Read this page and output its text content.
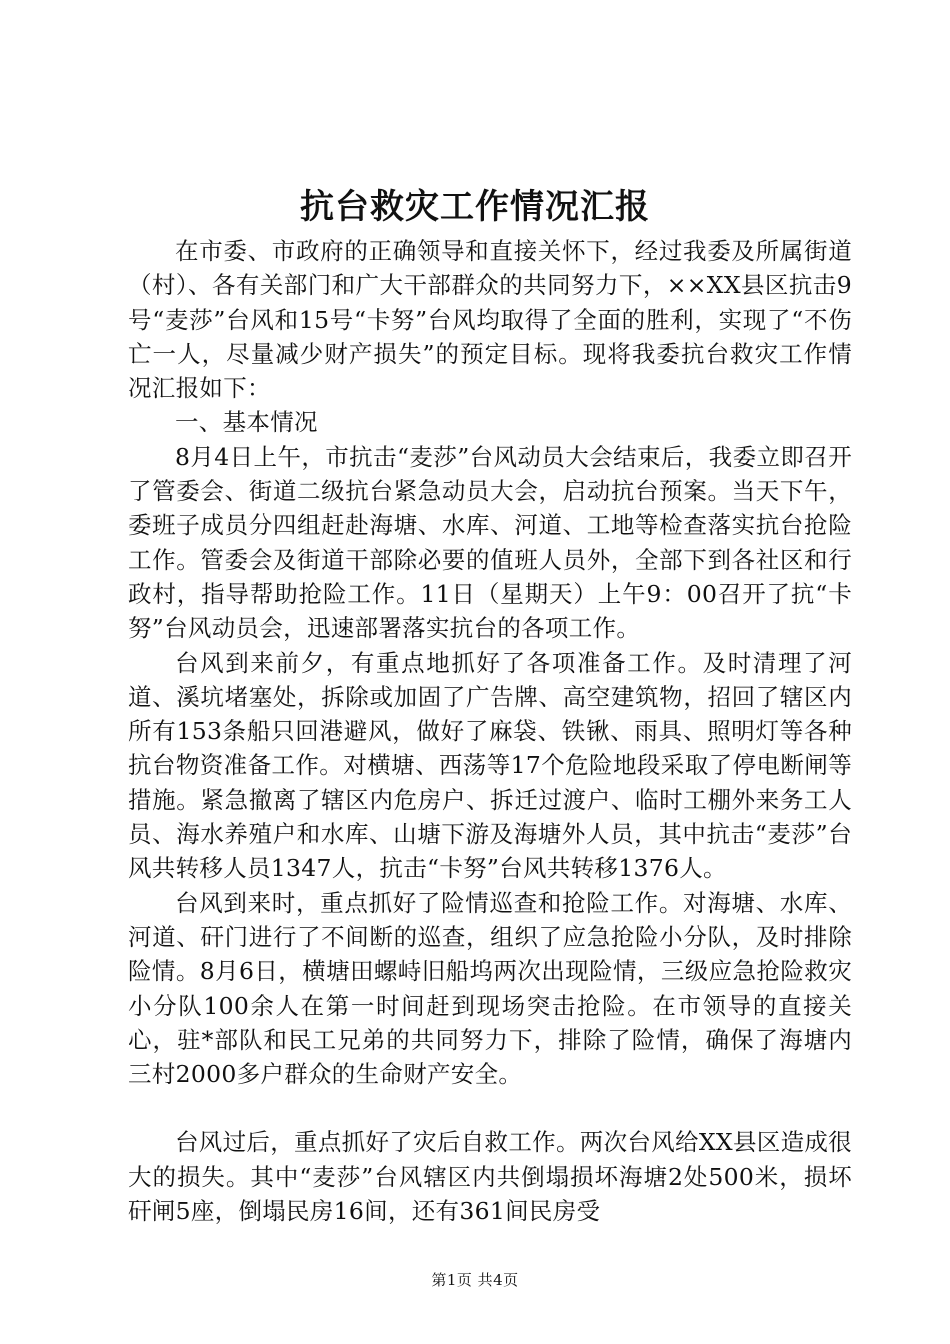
抗台救灾工作情况汇报

在市委、市政府的正确领导和直接关怀下，经过我委及所属街道（村）、各有关部门和广大干部群众的共同努力下，××XX县区抗击9号“麦莎”台风和15号“卡努”台风均取得了全面的胜利，实现了“不伤亡一人，尽量减少财产损失”的预定目标。现将我委抗台救灾工作情况汇报如下：

一、基本情况

8月4日上午，市抗击“麦莎”台风动员大会结束后，我委立即召开了管委会、街道二级抗台紧急动员大会，启动抗台预案。当天下午，委班子成员分四组赶赴海塘、水库、河道、工地等检查落实抗台抢险工作。管委会及街道干部除必要的值班人员外，全部下到各社区和行政村，指导帮助抢险工作。11日（星期天）上午9：00召开了抗“卡努”台风动员会，迅速部署落实抗台的各项工作。

台风到来前夕，有重点地抓好了各项准备工作。及时清理了河道、溪坑堵塞处，拆除或加固了广告牌、高空建筑物，招回了辖区内所有153条船只回港避风，做好了麻袋、铁锹、雨具、照明灯等各种抗台物资准备工作。对横塘、西荡等17个危险地段采取了停电断闸等措施。紧急撤离了辖区内危房户、拆迁过渡户、临时工棚外来务工人员、海水养殖户和水库、山塘下游及海塘外人员，其中抗击“麦莎”台风共转移人员1347人，抗击“卡努”台风共转移1376人。

台风到来时，重点抓好了险情巡查和抢险工作。对海塘、水库、河道、矸门进行了不间断的巡查，组织了应急抢险小分队，及时排除险情。8月6日，横塘田螺峙旧船坞两次出现险情，三级应急抢险救灾小分队100余人在第一时间赶到现场突击抢险。在市领导的直接关心，驻*部队和民工兄弟的共同努力下，排除了险情，确保了海塘内三村2000多户群众的生命财产安全。

台风过后，重点抓好了灾后自救工作。两次台风给XX县区造成很大的损失。其中“麦莎”台风辖区内共倒塌损坏海塘2处500米，损坏矸闸5座，倒塌民房16间，还有361间民房受

第1页 共4页
